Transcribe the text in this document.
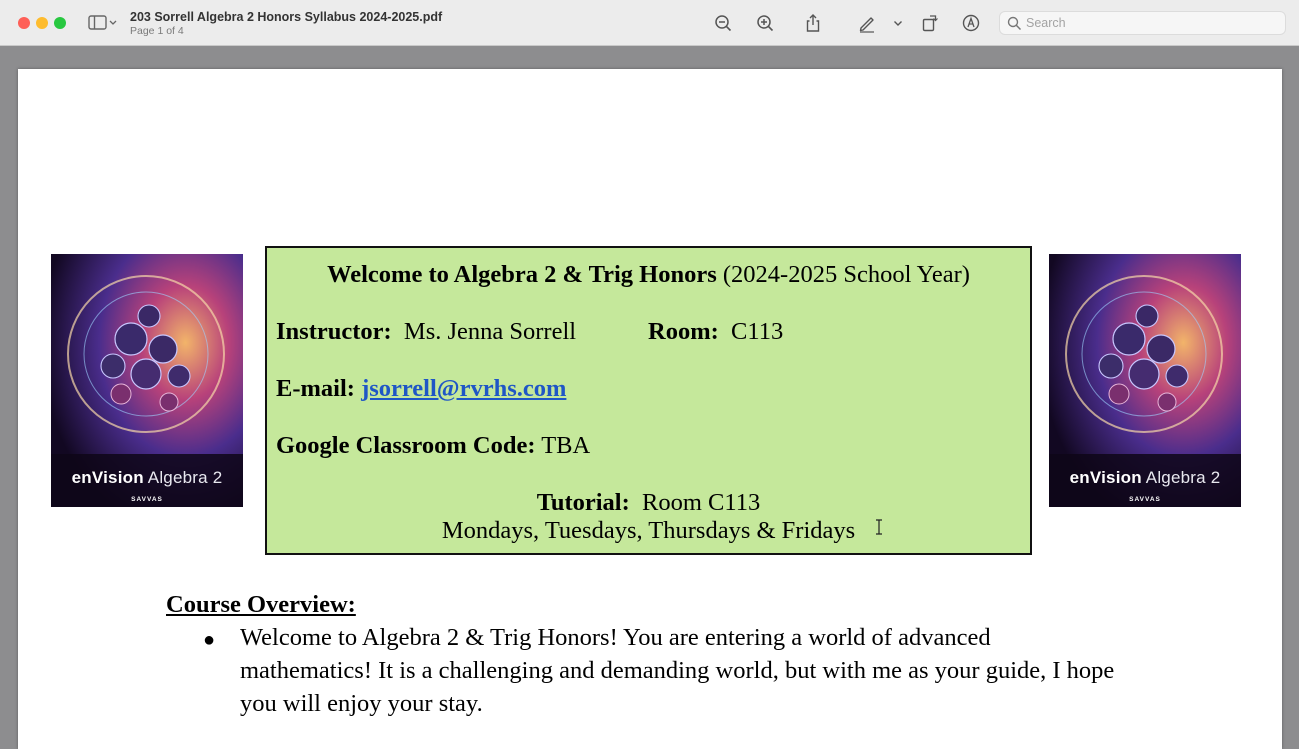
203 Sorrell Algebra 2 Honors Syllabus 2024-2025.pdf
Page 1 of 4
Search
enVision Algebra 2
SAVVAS
enVision Algebra 2
SAVVAS
Welcome to Algebra 2 & Trig Honors (2024-2025 School Year)
Instructor: Ms. Jenna Sorrell	Room: C113
E-mail: jsorrell@rvrhs.com
Google Classroom Code: TBA
Tutorial: Room C113
Mondays, Tuesdays, Thursdays & Fridays
Course Overview:
● Welcome to Algebra 2 & Trig Honors! You are entering a world of advanced
mathematics! It is a challenging and demanding world, but with me as your guide, I hope
you will enjoy your stay.
